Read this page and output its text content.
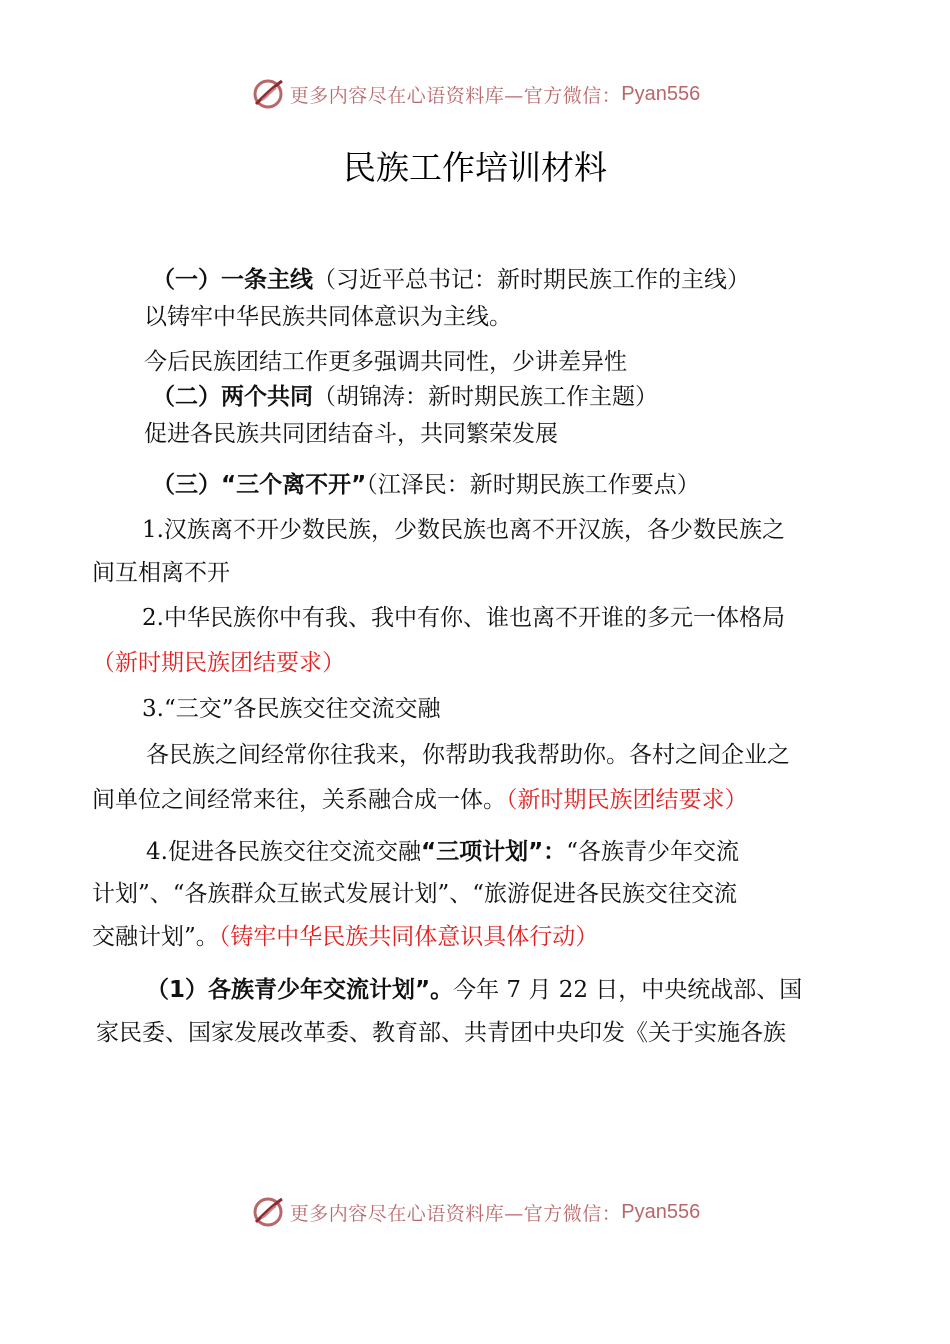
更多内容尽在心语资料库—官方微信： Pyan556
民族工作培训材料
（一）一条主线（习近平总书记：新时期民族工作的主线）
以铸牢中华民族共同体意识为主线。
今后民族团结工作更多强调共同性，少讲差异性
（二）两个共同（胡锦涛：新时期民族工作主题）
促进各民族共同团结奋斗，共同繁荣发展
（三）“三个离不开”（江泽民：新时期民族工作要点）
1.汉族离不开少数民族，少数民族也离不开汉族，各少数民族之
间互相离不开
2.中华民族你中有我、我中有你、谁也离不开谁的多元一体格局
（新时期民族团结要求）
3.“三交”各民族交往交流交融
各民族之间经常你往我来，你帮助我我帮助你。各村之间企业之
间单位之间经常来往，关系融合成一体。（新时期民族团结要求）
4.促进各民族交往交流交融“三项计划”：“各族青少年交流
计划”、“各族群众互嵌式发展计划”、“旅游促进各民族交往交流
交融计划”。（铸牢中华民族共同体意识具体行动）
（1）各族青少年交流计划”。今年 7 月 22 日，中央统战部、国
家民委、国家发展改革委、教育部、共青团中央印发《关于实施各族
更多内容尽在心语资料库—官方微信： Pyan556
